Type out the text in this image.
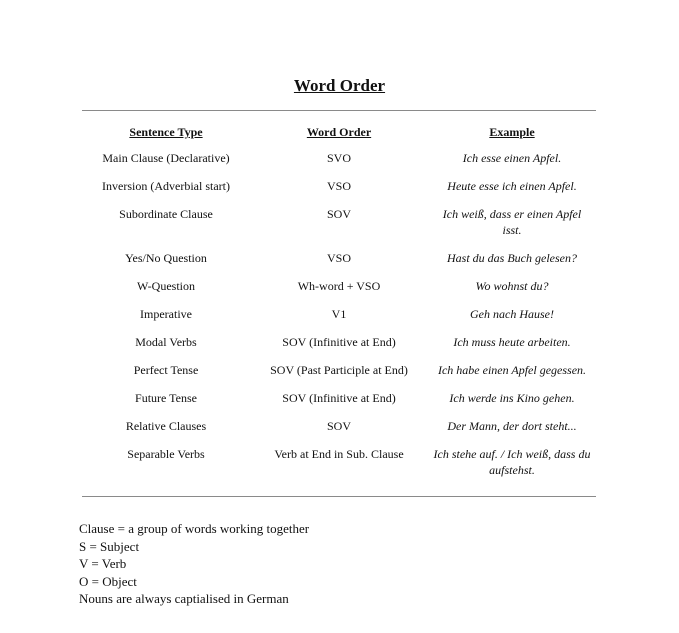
Word Order
Sentence Type	Word Order	Example
Main Clause (Declarative)	SVO	Ich esse einen Apfel.
Inversion (Adverbial start)	VSO	Heute esse ich einen Apfel.
Subordinate Clause	SOV	Ich weiß, dass er einen Apfel isst.
Yes/No Question	VSO	Hast du das Buch gelesen?
W-Question	Wh-word + VSO	Wo wohnst du?
Imperative	V1	Geh nach Hause!
Modal Verbs	SOV (Infinitive at End)	Ich muss heute arbeiten.
Perfect Tense	SOV (Past Participle at End)	Ich habe einen Apfel gegessen.
Future Tense	SOV (Infinitive at End)	Ich werde ins Kino gehen.
Relative Clauses	SOV	Der Mann, der dort steht...
Separable Verbs	Verb at End in Sub. Clause	Ich stehe auf. / Ich weiß, dass du aufstehst.
Clause = a group of words working together
S = Subject
V = Verb
O = Object
Nouns are always captialised in German
